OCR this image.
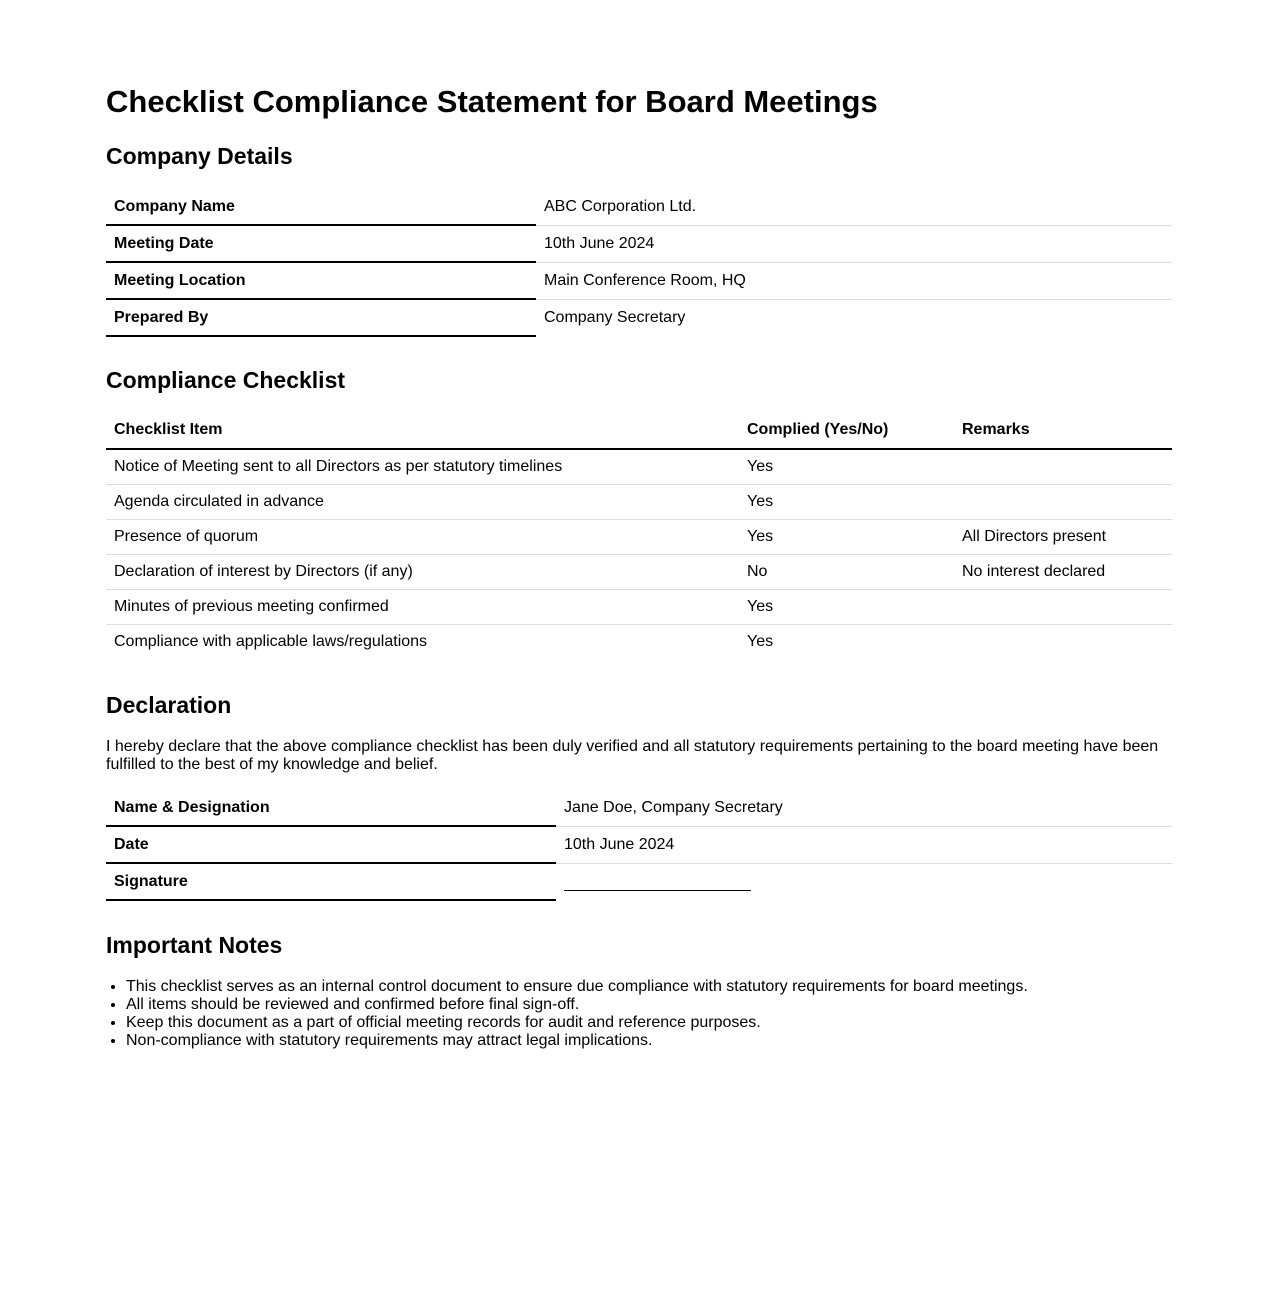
Checklist Compliance Statement for Board Meetings
Company Details
Company Name	ABC Corporation Ltd.
Meeting Date	10th June 2024
Meeting Location	Main Conference Room, HQ
Prepared By	Company Secretary
Compliance Checklist
Checklist Item	Complied (Yes/No)	Remarks
Notice of Meeting sent to all Directors as per statutory timelines	Yes	
Agenda circulated in advance	Yes	
Presence of quorum	Yes	All Directors present
Declaration of interest by Directors (if any)	No	No interest declared
Minutes of previous meeting confirmed	Yes	
Compliance with applicable laws/regulations	Yes	
Declaration

I hereby declare that the above compliance checklist has been duly verified and all statutory requirements pertaining to the board meeting have been fulfilled to the best of my knowledge and belief.

Name & Designation	Jane Doe, Company Secretary
Date	10th June 2024
Signature	
Important Notes
• This checklist serves as an internal control document to ensure due compliance with statutory requirements for board meetings.
• All items should be reviewed and confirmed before final sign-off.
• Keep this document as a part of official meeting records for audit and reference purposes.
• Non-compliance with statutory requirements may attract legal implications.
